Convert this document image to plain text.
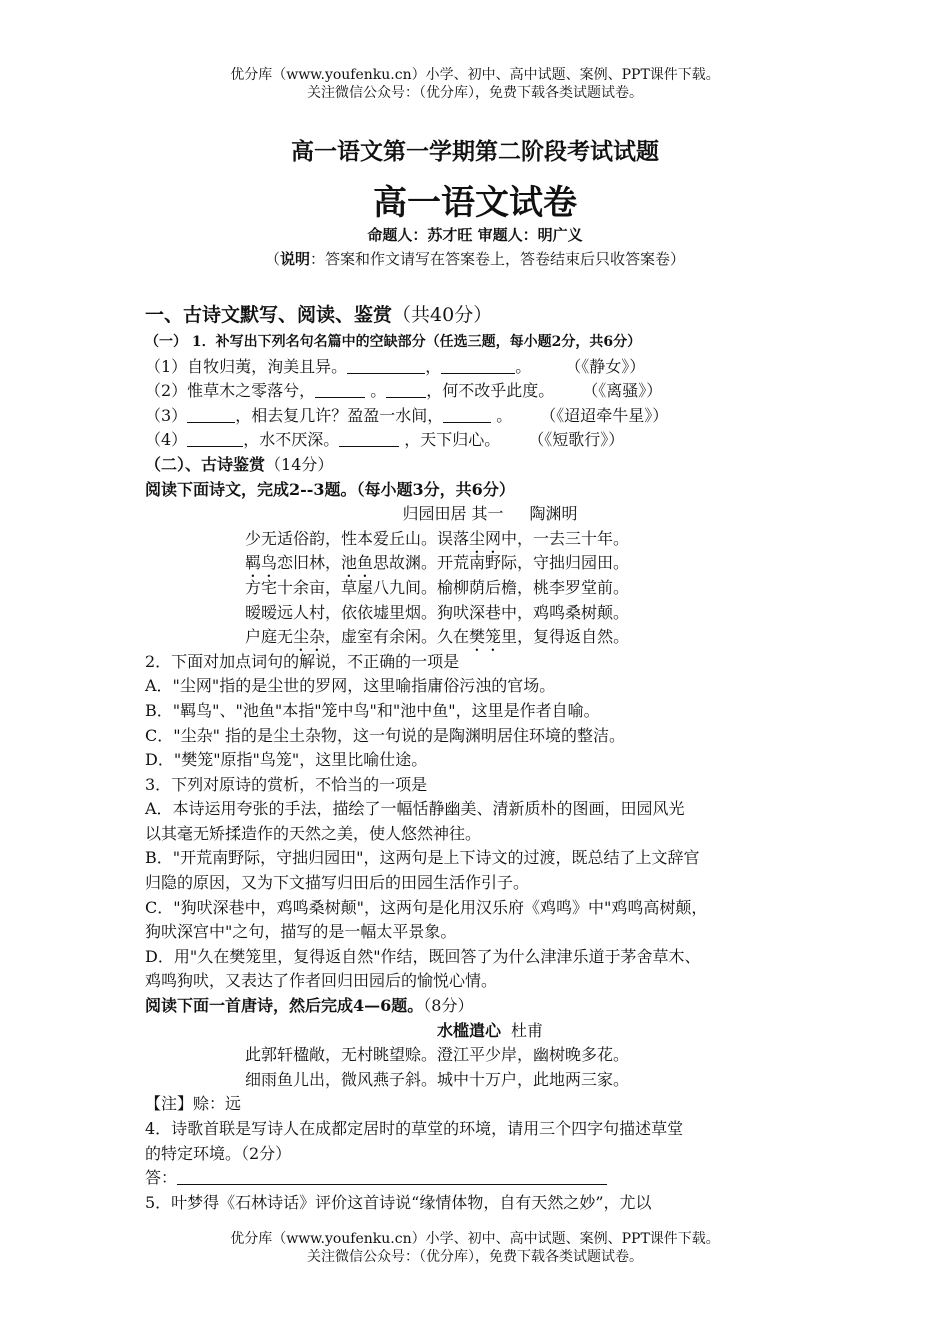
优分库（www.youfenku.cn）小学、初中、高中试题、案例、PPT课件下载。
关注微信公众号：（优分库），免费下载各类试题试卷。
高一语文第一学期第二阶段考试试题
高一语文试卷
命题人：苏才旺 审题人：明广义
（说明：答案和作文请写在答案卷上，答卷结束后只收答案卷）
一、古诗文默写、阅读、鉴赏（共40分）
（一） 1．补写出下列名句名篇中的空缺部分（任选三题，每小题2分，共6分）
（1）自牧归荑，洵美且异。	，	。 （《静女》）
（2）惟草木之零落兮，	。	，何不改乎此度。 （《离骚》）
（3）	，相去复几许？盈盈一水间，	。 （《迢迢牵牛星》）
（4）	，水不厌深。	，天下归心。 （《短歌行》）
（二）、古诗鉴赏（14分）
阅读下面诗文，完成2--3题。（每小题3分，共6分）
归园田居 其一 陶渊明
少无适俗韵，性本爱丘山。误落尘网中，一去三十年。
羁鸟恋旧林，池鱼思故渊。开荒南野际，守拙归园田。
方宅十余亩，草屋八九间。榆柳荫后檐，桃李罗堂前。
暧暧远人村，依依墟里烟。狗吠深巷中，鸡鸣桑树颠。
户庭无尘杂，虚室有余闲。久在樊笼里，复得返自然。
2．下面对加点词句的解说，不正确的一项是
A．"尘网"指的是尘世的罗网，这里喻指庸俗污浊的官场。
B．"羁鸟"、"池鱼"本指"笼中鸟"和"池中鱼"，这里是作者自喻。
C．"尘杂" 指的是尘土杂物，这一句说的是陶渊明居住环境的整洁。
D．"樊笼"原指"鸟笼"，这里比喻仕途。
3．下列对原诗的赏析，不恰当的一项是
A．本诗运用夸张的手法，描绘了一幅恬静幽美、清新质朴的图画，田园风光
以其毫无矫揉造作的天然之美，使人悠然神往。
B．"开荒南野际，守拙归园田"，这两句是上下诗文的过渡，既总结了上文辞官
归隐的原因，又为下文描写归田后的田园生活作引子。
C．"狗吠深巷中，鸡鸣桑树颠"，这两句是化用汉乐府《鸡鸣》中"鸡鸣高树颠，
狗吠深宫中"之句，描写的是一幅太平景象。
D．用"久在樊笼里，复得返自然"作结，既回答了为什么津津乐道于茅舍草木、
鸡鸣狗吠，又表达了作者回归田园后的愉悦心情。
阅读下面一首唐诗，然后完成4—6题。（8分）
水槛遣心 杜甫
此郭轩楹敞，无村眺望赊。澄江平少岸，幽树晚多花。
细雨鱼儿出，微风燕子斜。城中十万户，此地两三家。
【注】赊：远
4．诗歌首联是写诗人在成都定居时的草堂的环境，请用三个四字句描述草堂
的特定环境。（2分）
答：
5．叶梦得《石林诗话》评价这首诗说“缘情体物，自有天然之妙”，尤以
优分库（www.youfenku.cn）小学、初中、高中试题、案例、PPT课件下载。
关注微信公众号：（优分库），免费下载各类试题试卷。
